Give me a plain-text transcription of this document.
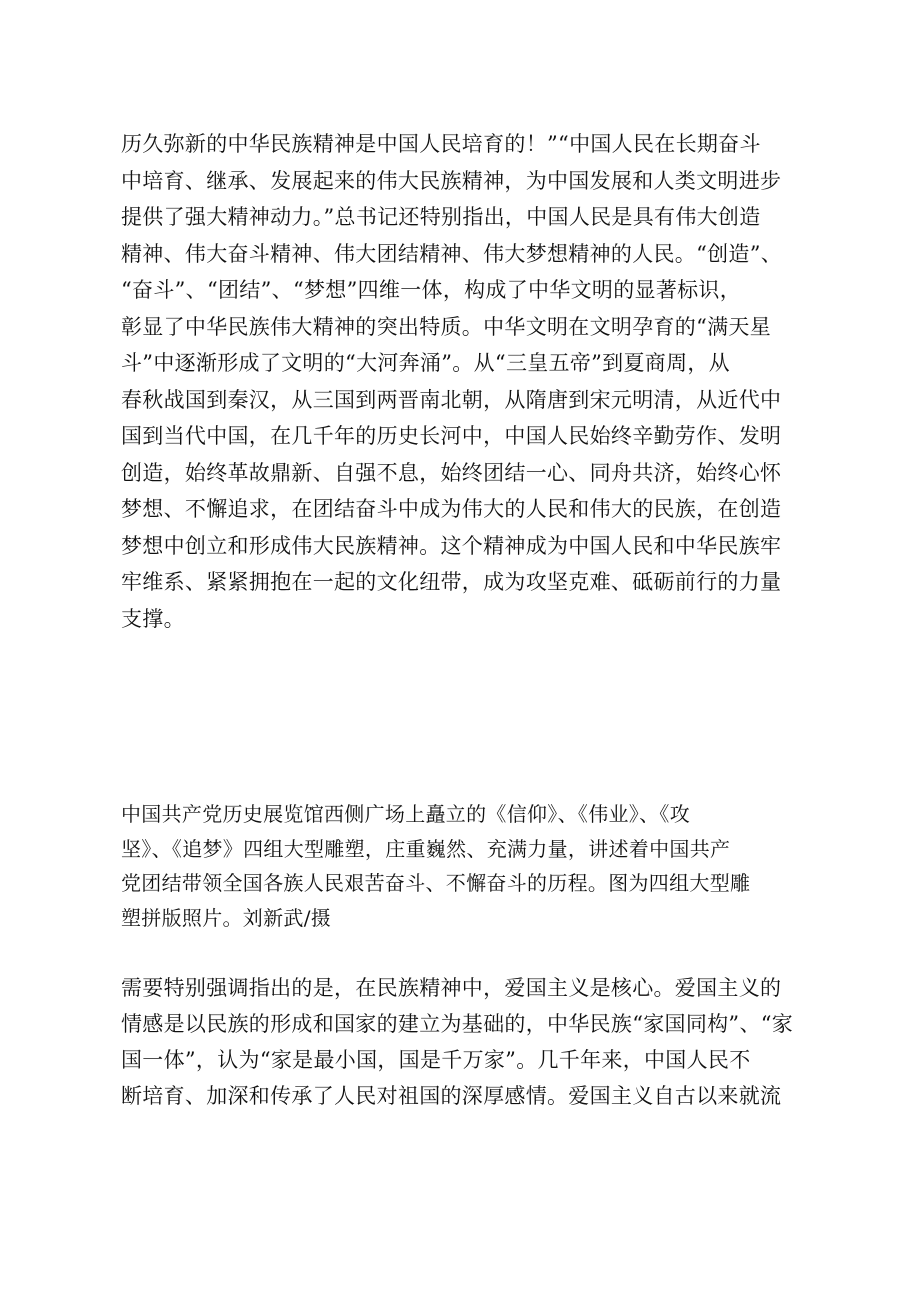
历久弥新的中华民族精神是中国人民培育的！”“中国人民在长期奋斗
中培育、继承、发展起来的伟大民族精神，为中国发展和人类文明进步
提供了强大精神动力。”总书记还特别指出，中国人民是具有伟大创造
精神、伟大奋斗精神、伟大团结精神、伟大梦想精神的人民。“创造”、
“奋斗”、“团结”、“梦想”四维一体，构成了中华文明的显著标识，
彰显了中华民族伟大精神的突出特质。中华文明在文明孕育的“满天星
斗”中逐渐形成了文明的“大河奔涌”。从“三皇五帝”到夏商周，从
春秋战国到秦汉，从三国到两晋南北朝，从隋唐到宋元明清，从近代中
国到当代中国，在几千年的历史长河中，中国人民始终辛勤劳作、发明
创造，始终革故鼎新、自强不息，始终团结一心、同舟共济，始终心怀
梦想、不懈追求，在团结奋斗中成为伟大的人民和伟大的民族，在创造
梦想中创立和形成伟大民族精神。这个精神成为中国人民和中华民族牢
牢维系、紧紧拥抱在一起的文化纽带，成为攻坚克难、砥砺前行的力量
支撑。
中国共产党历史展览馆西侧广场上矗立的《信仰》、《伟业》、《攻
坚》、《追梦》四组大型雕塑，庄重巍然、充满力量，讲述着中国共产
党团结带领全国各族人民艰苦奋斗、不懈奋斗的历程。图为四组大型雕
塑拼版照片。刘新武/摄
需要特别强调指出的是，在民族精神中，爱国主义是核心。爱国主义的
情感是以民族的形成和国家的建立为基础的，中华民族“家国同构”、“家
国一体”，认为“家是最小国，国是千万家”。几千年来，中国人民不
断培育、加深和传承了人民对祖国的深厚感情。爱国主义自古以来就流
